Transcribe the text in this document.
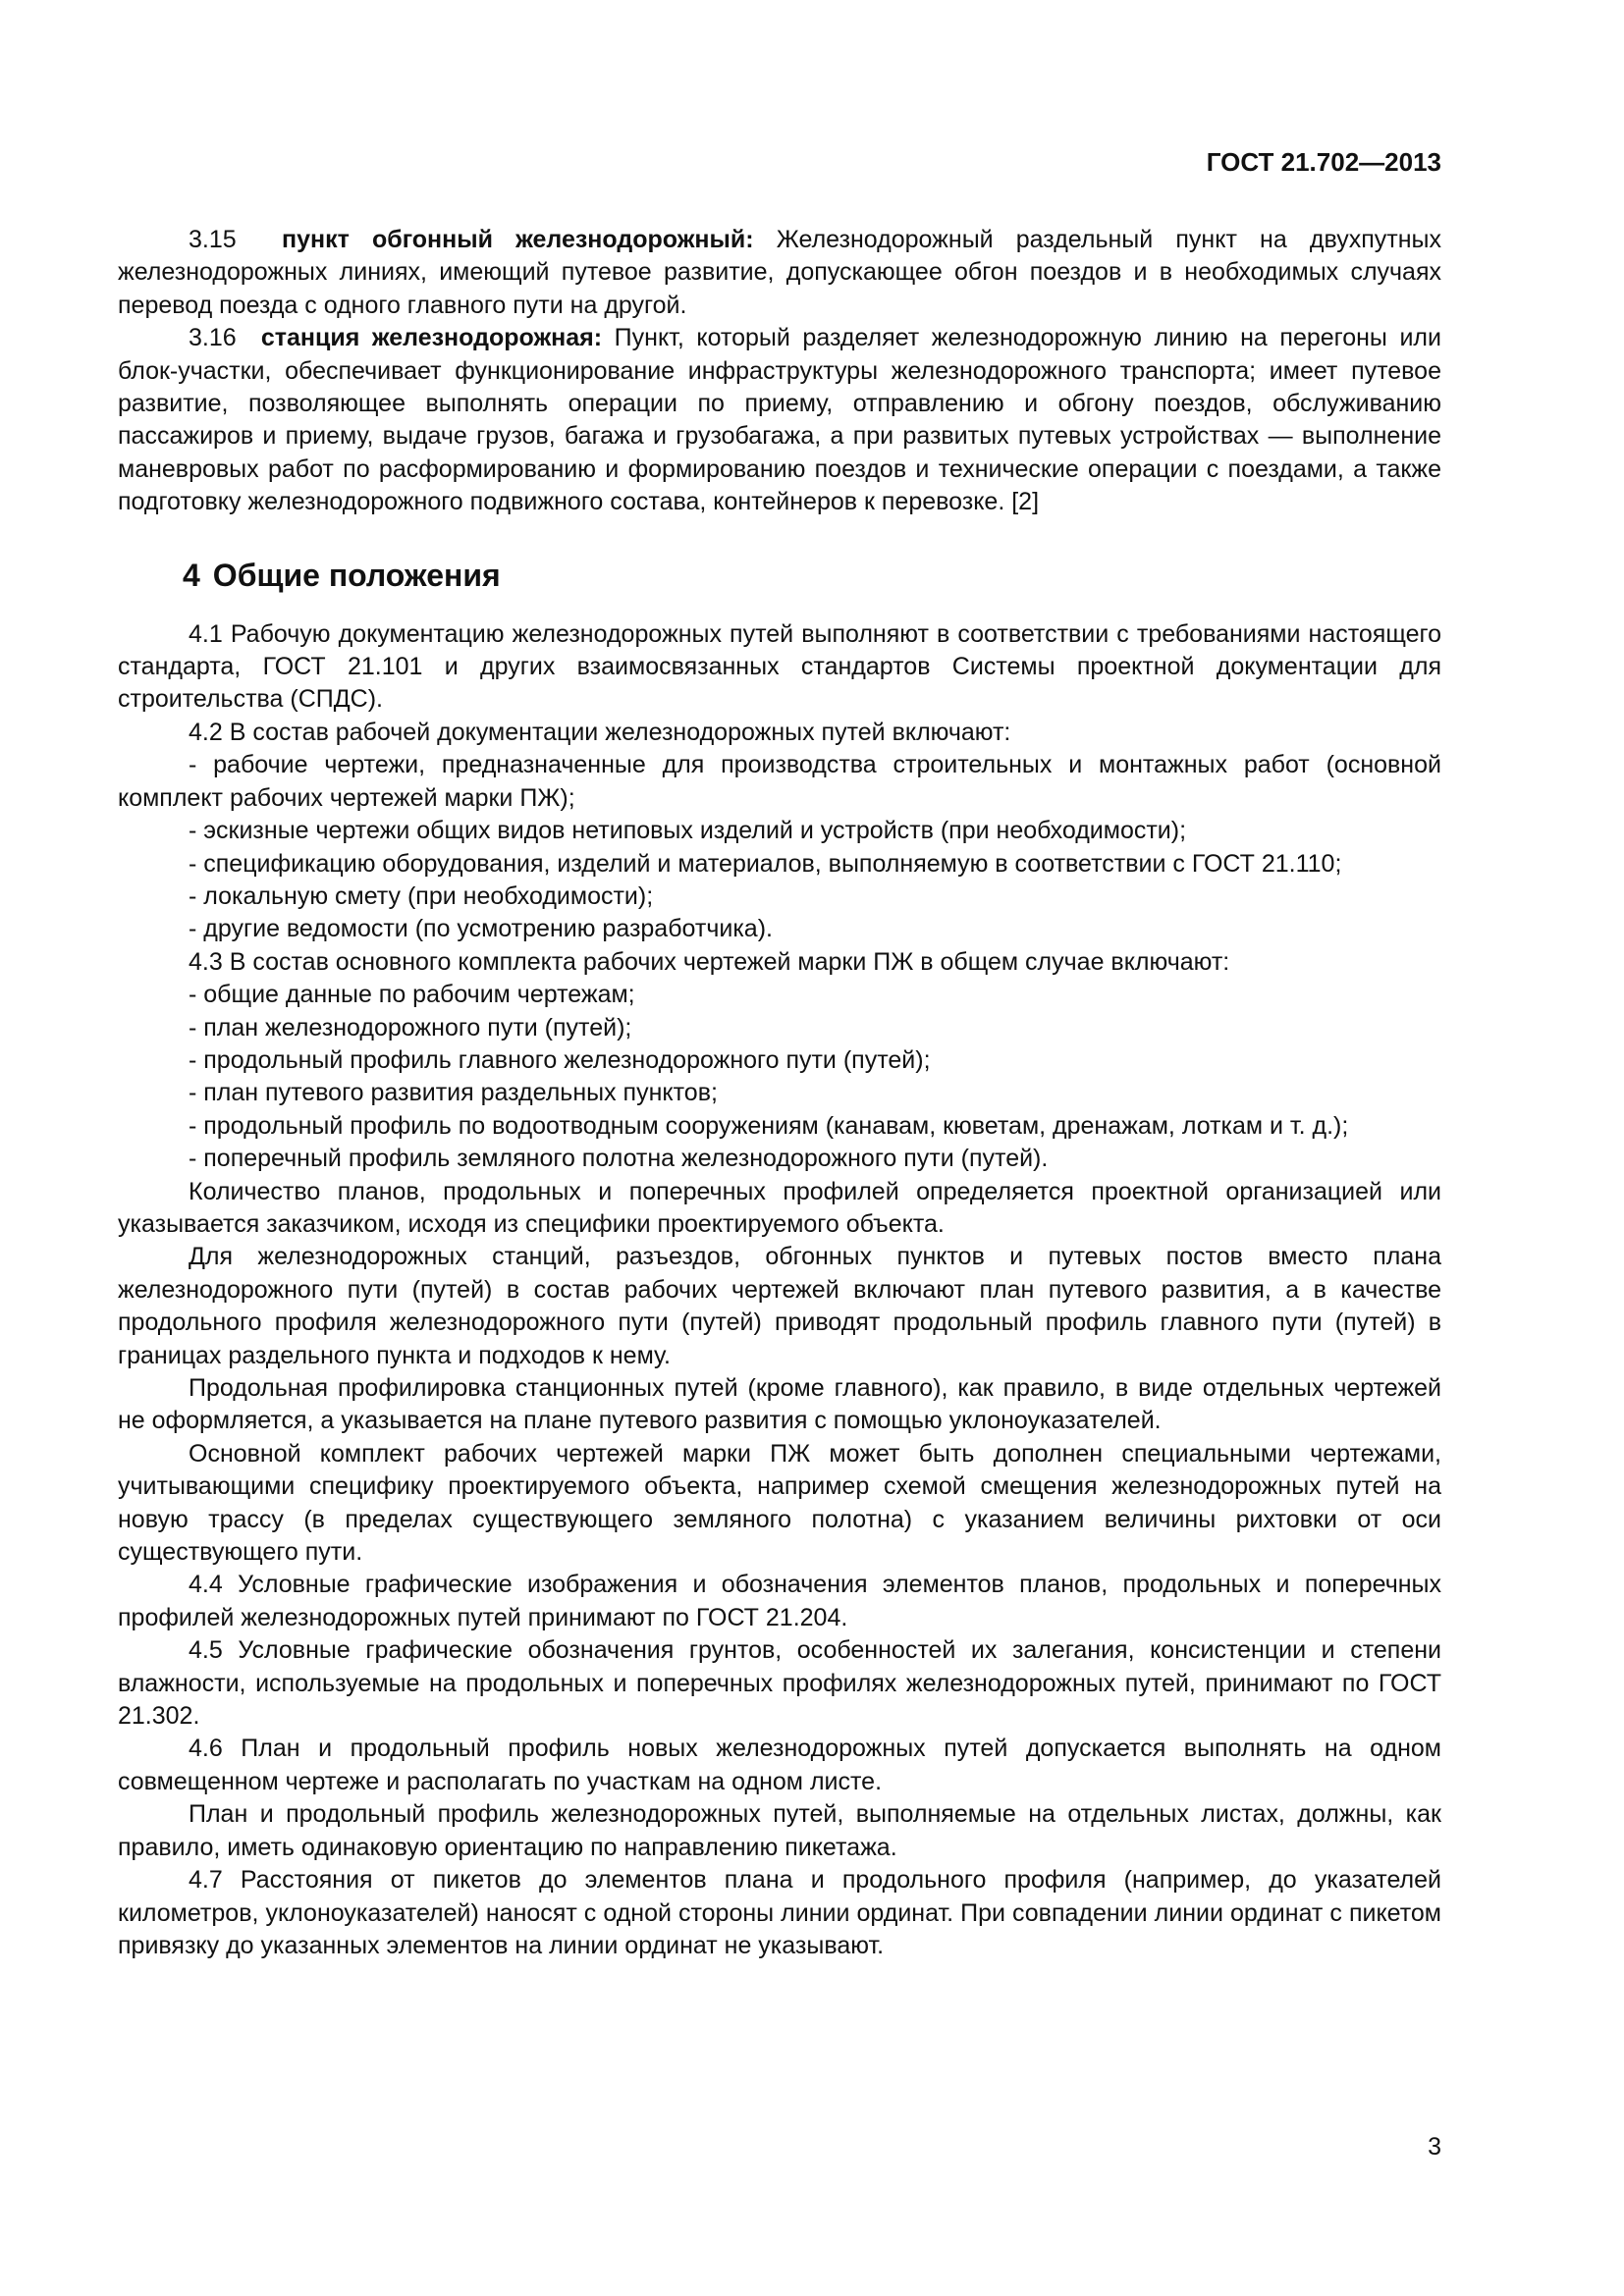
ГОСТ 21.702—2013

3.15 пункт обгонный железнодорожный: Железнодорожный раздельный пункт на двухпутных железнодорожных линиях, имеющий путевое развитие, допускающее обгон поездов и в необходимых случаях перевод поезда с одного главного пути на другой.

3.16 станция железнодорожная: Пункт, который разделяет железнодорожную линию на перегоны или блок-участки, обеспечивает функционирование инфраструктуры железнодорожного транспорта; имеет путевое развитие, позволяющее выполнять операции по приему, отправлению и обгону поездов, обслуживанию пассажиров и приему, выдаче грузов, багажа и грузобагажа, а при развитых путевых устройствах — выполнение маневровых работ по расформированию и формированию поездов и технические операции с поездами, а также подготовку железнодорожного подвижного состава, контейнеров к перевозке. [2]

4 Общие положения

4.1 Рабочую документацию железнодорожных путей выполняют в соответствии с требованиями настоящего стандарта, ГОСТ 21.101 и других взаимосвязанных стандартов Системы проектной документации для строительства (СПДС).

4.2 В состав рабочей документации железнодорожных путей включают:

- рабочие чертежи, предназначенные для производства строительных и монтажных работ (основной комплект рабочих чертежей марки ПЖ);

- эскизные чертежи общих видов нетиповых изделий и устройств (при необходимости);

- спецификацию оборудования, изделий и материалов, выполняемую в соответствии с ГОСТ 21.110;

- локальную смету (при необходимости);

- другие ведомости (по усмотрению разработчика).

4.3 В состав основного комплекта рабочих чертежей марки ПЖ в общем случае включают:

- общие данные по рабочим чертежам;

- план железнодорожного пути (путей);

- продольный профиль главного железнодорожного пути (путей);

- план путевого развития раздельных пунктов;

- продольный профиль по водоотводным сооружениям (канавам, кюветам, дренажам, лоткам и т. д.);

- поперечный профиль земляного полотна железнодорожного пути (путей).

Количество планов, продольных и поперечных профилей определяется проектной организацией или указывается заказчиком, исходя из специфики проектируемого объекта.

Для железнодорожных станций, разъездов, обгонных пунктов и путевых постов вместо плана железнодорожного пути (путей) в состав рабочих чертежей включают план путевого развития, а в качестве продольного профиля железнодорожного пути (путей) приводят продольный профиль главного пути (путей) в границах раздельного пункта и подходов к нему.

Продольная профилировка станционных путей (кроме главного), как правило, в виде отдельных чертежей не оформляется, а указывается на плане путевого развития с помощью уклоноуказателей.

Основной комплект рабочих чертежей марки ПЖ может быть дополнен специальными чертежами, учитывающими специфику проектируемого объекта, например схемой смещения железнодорожных путей на новую трассу (в пределах существующего земляного полотна) с указанием величины рихтовки от оси существующего пути.

4.4 Условные графические изображения и обозначения элементов планов, продольных и поперечных профилей железнодорожных путей принимают по ГОСТ 21.204.

4.5 Условные графические обозначения грунтов, особенностей их залегания, консистенции и степени влажности, используемые на продольных и поперечных профилях железнодорожных путей, принимают по ГОСТ 21.302.

4.6 План и продольный профиль новых железнодорожных путей допускается выполнять на одном совмещенном чертеже и располагать по участкам на одном листе.

План и продольный профиль железнодорожных путей, выполняемые на отдельных листах, должны, как правило, иметь одинаковую ориентацию по направлению пикетажа.

4.7 Расстояния от пикетов до элементов плана и продольного профиля (например, до указателей километров, уклоноуказателей) наносят с одной стороны линии ординат. При совпадении линии ординат с пикетом привязку до указанных элементов на линии ординат не указывают.

3
